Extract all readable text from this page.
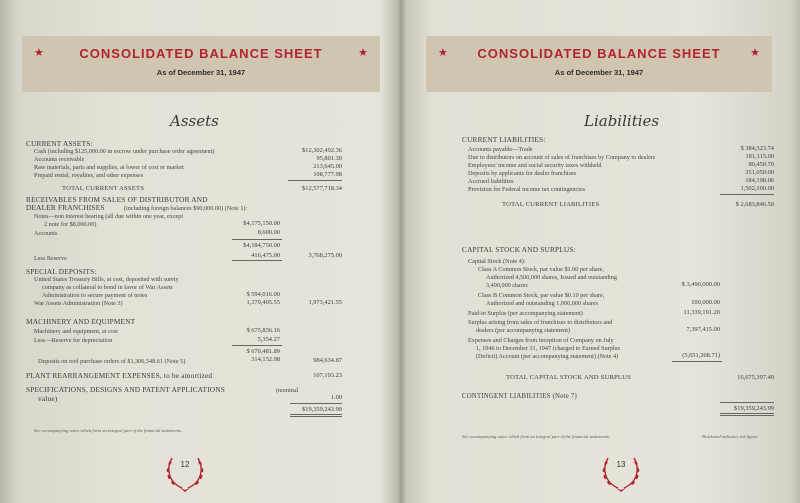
★	CONSOLIDATED BALANCE SHEET	★
As of December 31, 1947
Assets
CURRENT ASSETS:
Cash (including $125,000.00 in escrow under purchase order agreement)	$12,302,492.36
Accounts receivable	95,801.30
Raw materials, parts and supplies, at lower of cost or market	213,645.00
Prepaid rental, royalties, and other expenses	108,777.98
TOTAL CURRENT ASSETS	$12,577,718.34
RECEIVABLES FROM SALES OF DISTRIBUTOR AND
DEALER FRANCHISES	(including foreign balances $90,000.00) (Note 1):
Notes—non interest bearing (all due within one year, except
2 note for $8,000.00)	$4,175,150.00
Accounts	8,600.00
$4,184,750.00
Less Reserve	416,475.00	3,768,275.00
SPECIAL DEPOSITS:
United States Treasury Bills, at cost, deposited with surety
company as collateral to bond in favor of War Assets
Administration to secure payment of notes	$ 594,016.00
War Assets Administration (Note 3)	1,379,405.55	1,973,421.55
MACHINERY AND EQUIPMENT
Machinery and equipment, at cost	$ 675,836.16
Less—Reserve for depreciation	5,354.27
$ 670,481.89
Deposits on tool purchase orders of $1,306,548.61 (Note 5)	314,152.98	984,634.87
PLANT REARRANGEMENT EXPENSES, to be amortized	107,193.23
SPECIFICATIONS, DESIGNS AND PATENT APPLICATIONS	(nominal
value)	1.00
$19,359,243.99
See accompanying notes which form an integral part of the financial statements.
12
★	CONSOLIDATED BALANCE SHEET	★
As of December 31, 1947
Liabilities
CURRENT LIABILITIES:
Accounts payable—Trade	$ 384,323.74
Due to distributors on account of sales of franchises by Company to dealers	181,115.00
Employees' income and social security taxes withheld	80,450.70
Deposits by applicants for dealer franchises	351,050.00
Accrued liabilities	184,198.06
Provision for Federal income tax contingencies	1,502,100.00
TOTAL CURRENT LIABILITIES	$ 2,683,846.50
CAPITAL STOCK AND SURPLUS:
Capital Stock (Note 4):
Class A Common Stock, par value $1.00 per share,
Authorized 4,500,000 shares, Issued and outstanding
3,490,000 shares	$ 3,490,000.00
Class B Common Stock, par value $0.10 per share,
Authorized and outstanding 1,000,000 shares	100,000.00
Paid-in Surplus (per accompanying statement)	11,339,191.20
Surplus arising from sales of franchises to distributors and
dealers (per accompanying statement)	7,397,415.00
Expenses and Charges from inception of Company on July
1, 1946 to December 31, 1947 (charged to Earned Surplus
(Deficit) Account (per accompanying statement) (Note 4)	(5,651,208.71)
TOTAL CAPITAL STOCK AND SURPLUS	16,675,397.49
CONTINGENT LIABILITIES (Note 7)
$19,359,243.99
See accompanying notes which form an integral part of the financial statements.	Bracketed indicates red figure.
13
